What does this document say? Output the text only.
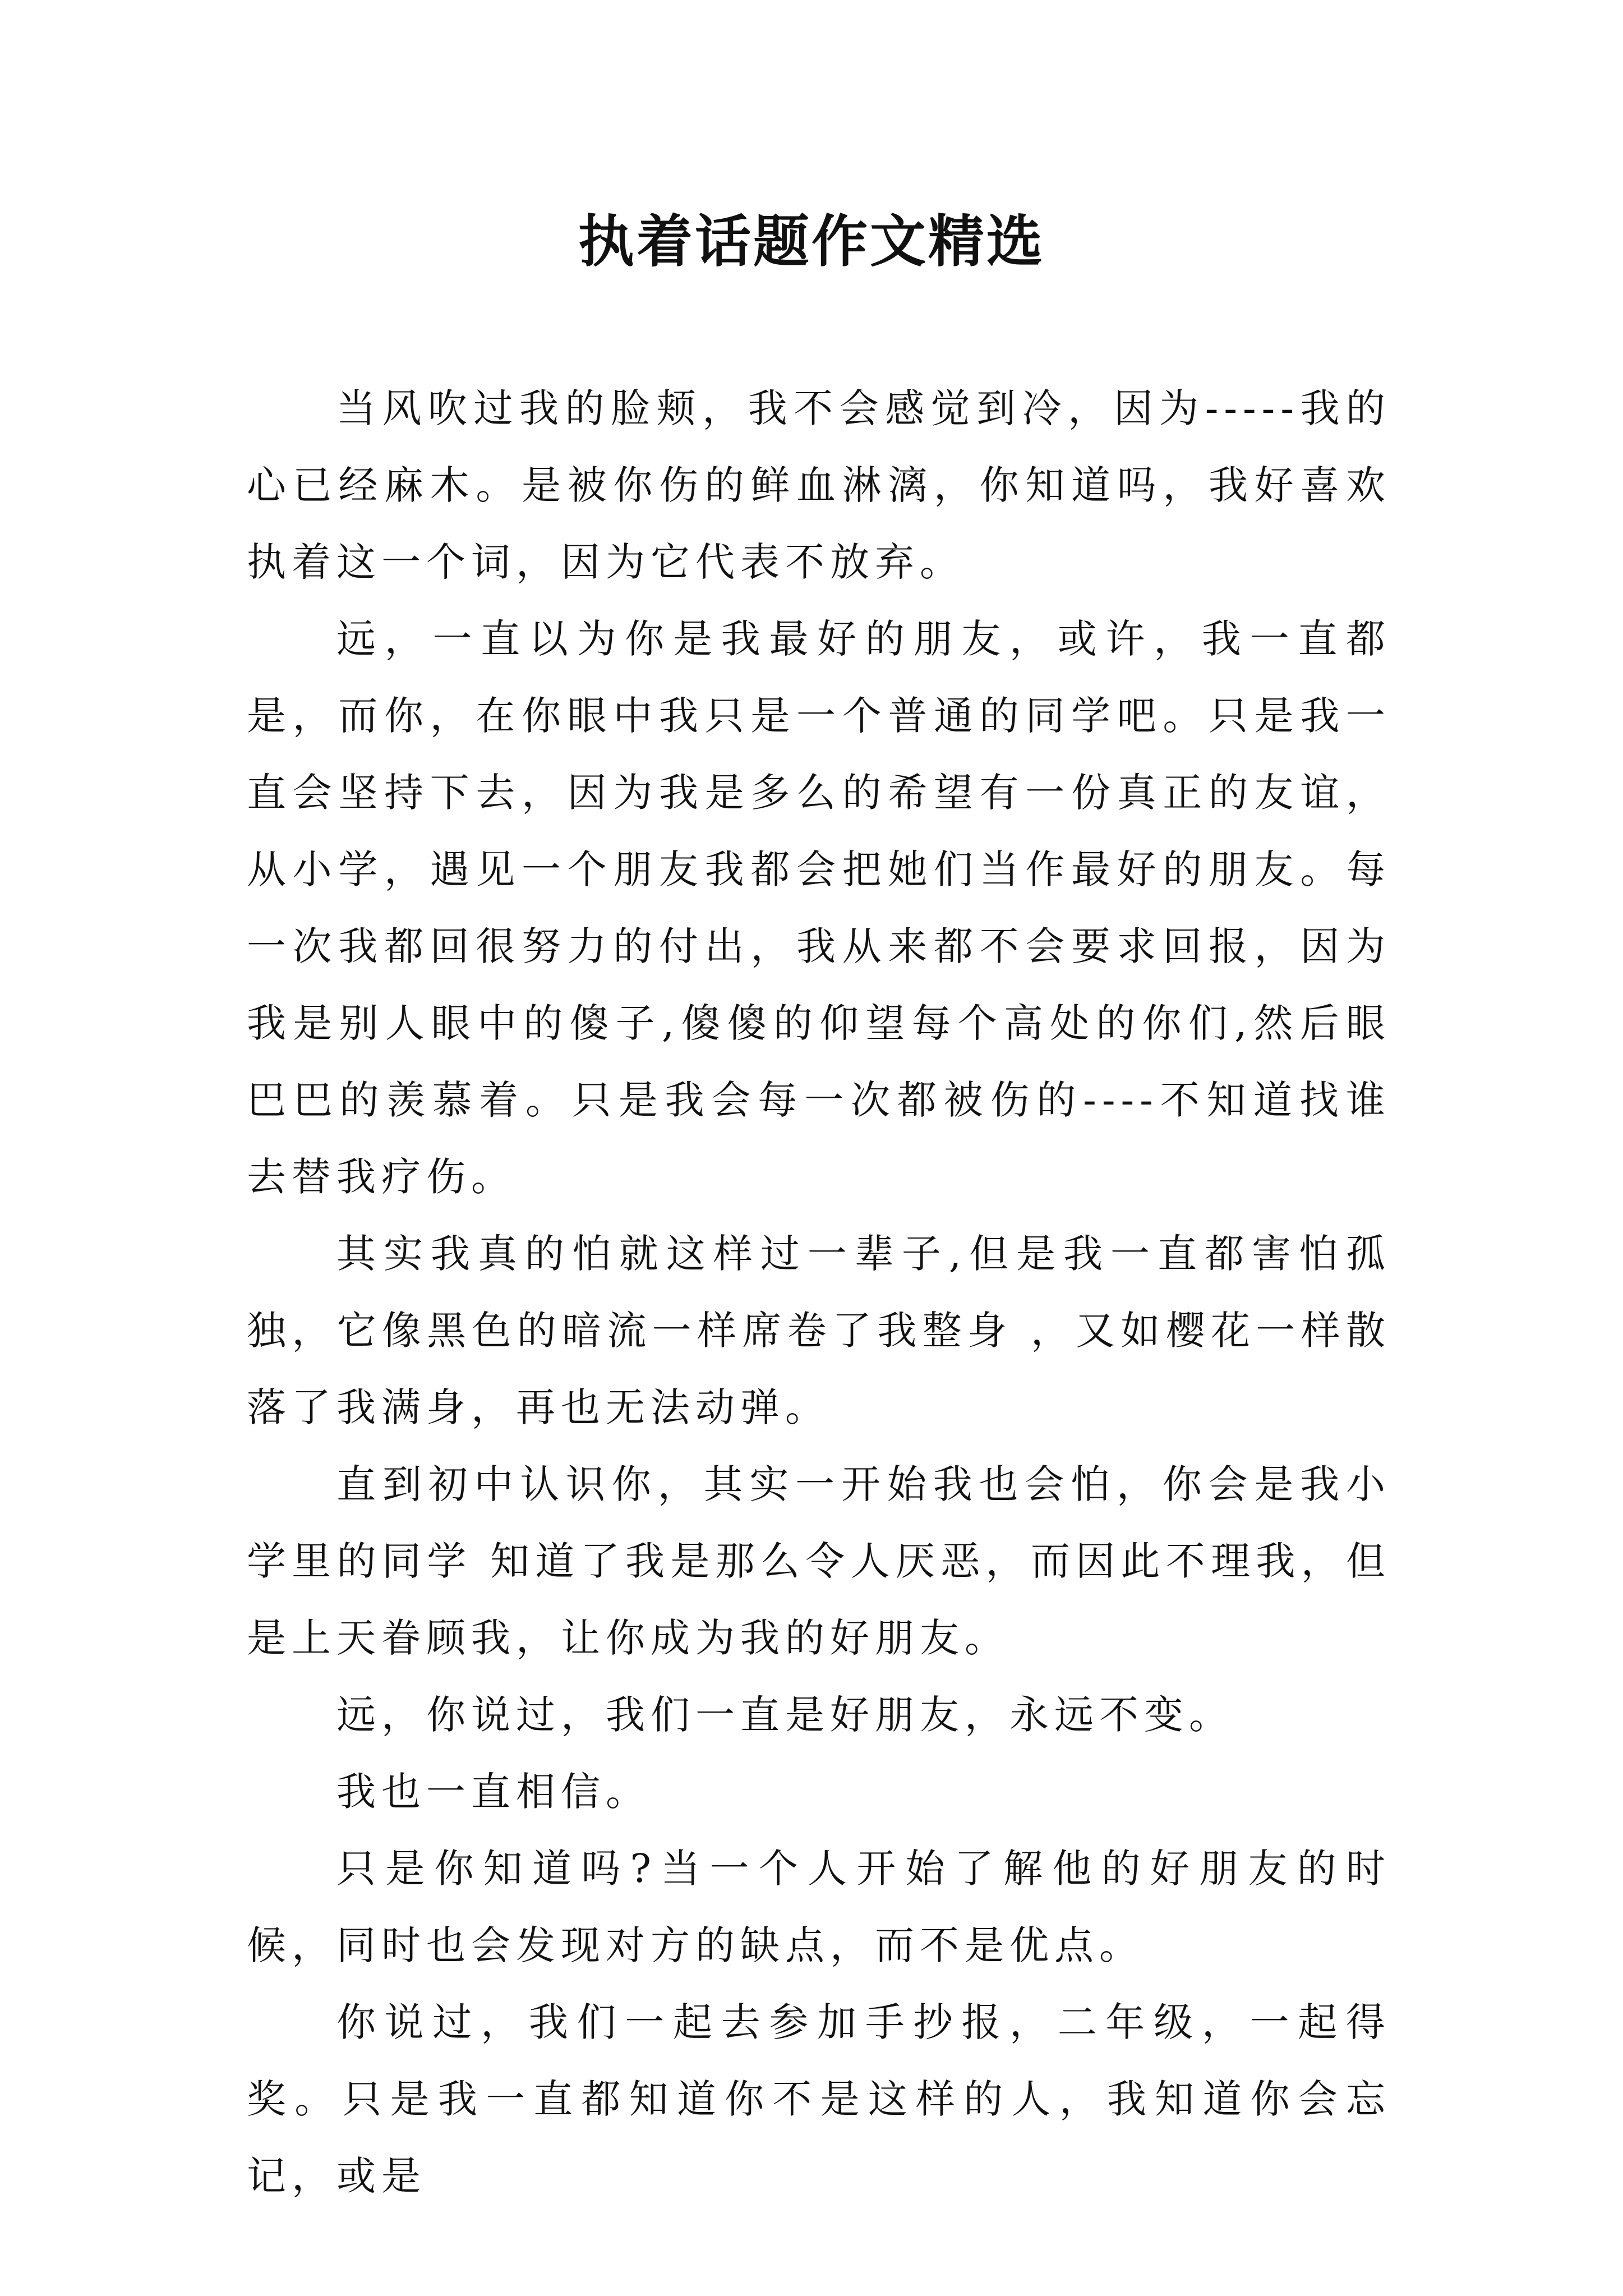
执着话题作文精选

当风吹过我的脸颊，我不会感觉到冷，因为-----我的心已经麻木。是被你伤的鲜血淋漓，你知道吗，我好喜欢执着这一个词，因为它代表不放弃。

远，一直以为你是我最好的朋友，或许，我一直都是，而你，在你眼中我只是一个普通的同学吧。只是我一直会坚持下去，因为我是多么的希望有一份真正的友谊，从小学，遇见一个朋友我都会把她们当作最好的朋友。每一次我都回很努力的付出，我从来都不会要求回报，因为我是别人眼中的傻子,傻傻的仰望每个高处的你们,然后眼巴巴的羡慕着。只是我会每一次都被伤的----不知道找谁去替我疗伤。

其实我真的怕就这样过一辈子,但是我一直都害怕孤独，它像黑色的暗流一样席卷了我整身 ，又如樱花一样散落了我满身，再也无法动弹。

直到初中认识你，其实一开始我也会怕，你会是我小学里的同学 知道了我是那么令人厌恶，而因此不理我，但是上天眷顾我，让你成为我的好朋友。

远，你说过，我们一直是好朋友，永远不变。

我也一直相信。

只是你知道吗?当一个人开始了解他的好朋友的时候，同时也会发现对方的缺点，而不是优点。

你说过，我们一起去参加手抄报，二年级，一起得奖。只是我一直都知道你不是这样的人，我知道你会忘记，或是
